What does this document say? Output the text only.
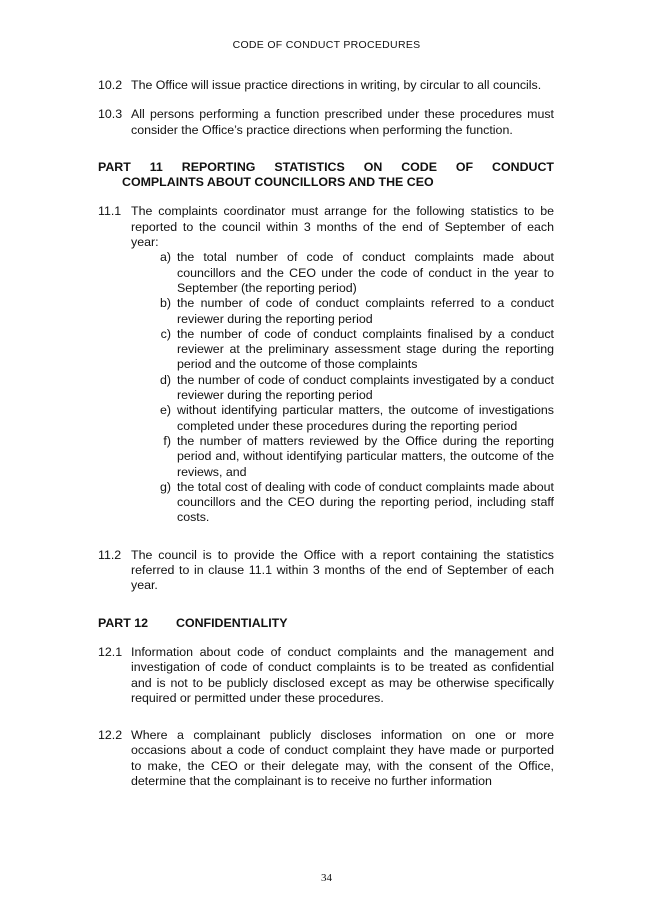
CODE OF CONDUCT PROCEDURES
10.2 The Office will issue practice directions in writing, by circular to all councils.
10.3 All persons performing a function prescribed under these procedures must consider the Office’s practice directions when performing the function.
PART 11 REPORTING STATISTICS ON CODE OF CONDUCT
COMPLAINTS ABOUT COUNCILLORS AND THE CEO
11.1 The complaints coordinator must arrange for the following statistics to be reported to the council within 3 months of the end of September of each year:
a) the total number of code of conduct complaints made about councillors and the CEO under the code of conduct in the year to September (the reporting period)
b) the number of code of conduct complaints referred to a conduct reviewer during the reporting period
c) the number of code of conduct complaints finalised by a conduct reviewer at the preliminary assessment stage during the reporting period and the outcome of those complaints
d) the number of code of conduct complaints investigated by a conduct reviewer during the reporting period
e) without identifying particular matters, the outcome of investigations completed under these procedures during the reporting period
f) the number of matters reviewed by the Office during the reporting period and, without identifying particular matters, the outcome of the reviews, and
g) the total cost of dealing with code of conduct complaints made about councillors and the CEO during the reporting period, including staff costs.
11.2 The council is to provide the Office with a report containing the statistics referred to in clause 11.1 within 3 months of the end of September of each year.
PART 12	CONFIDENTIALITY
12.1 Information about code of conduct complaints and the management and investigation of code of conduct complaints is to be treated as confidential and is not to be publicly disclosed except as may be otherwise specifically required or permitted under these procedures.
12.2 Where a complainant publicly discloses information on one or more occasions about a code of conduct complaint they have made or purported to make, the CEO or their delegate may, with the consent of the Office, determine that the complainant is to receive no further information
34
